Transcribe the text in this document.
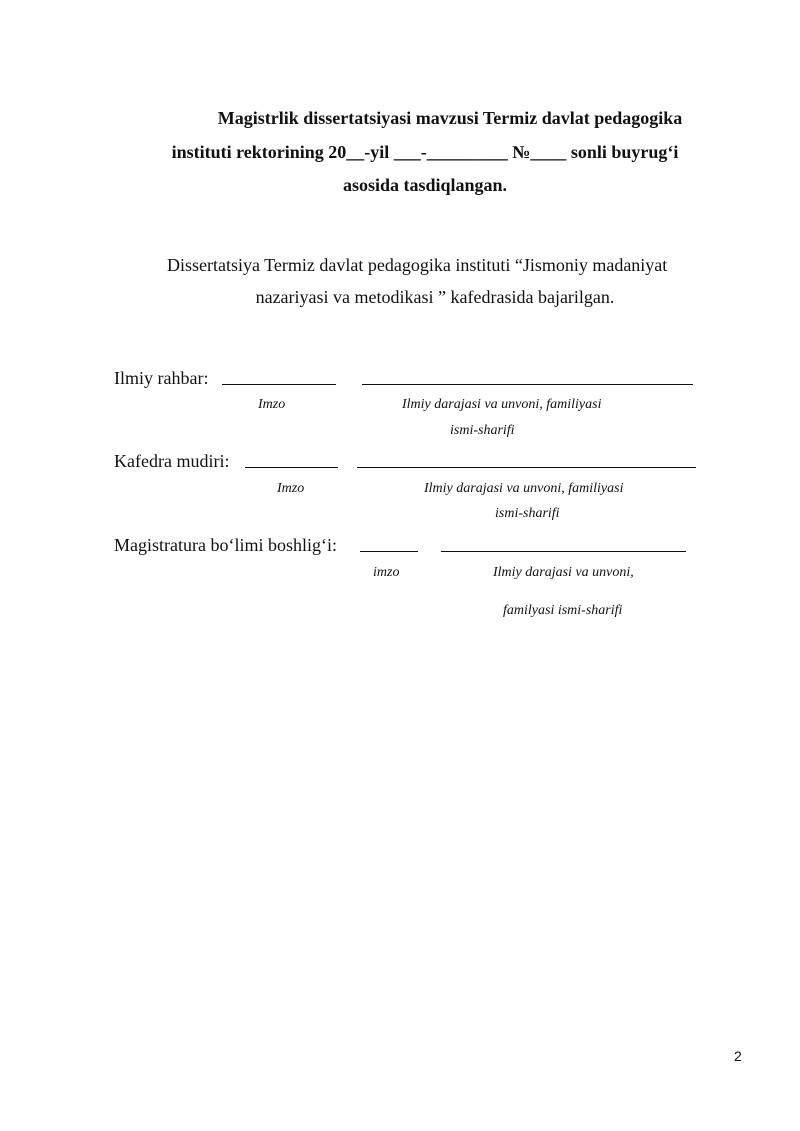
Magistrlik dissertatsiyasi mavzusi Termiz davlat pedagogika
instituti rektorining 20__-yil ___-_________ №____ sonli buyrug‘i
asosida tasdiqlangan.
Dissertatsiya Termiz davlat pedagogika instituti “Jismoniy madaniyat
nazariyasi va metodikasi ” kafedrasida bajarilgan.
Ilmiy rahbar:
Imzo	Ilmiy darajasi va unvoni, familiyasi
ismi-sharifi
Kafedra mudiri:
Imzo	Ilmiy darajasi va unvoni, familiyasi
ismi-sharifi
Magistratura bo‘limi boshlig‘i:
imzo	Ilmiy darajasi va unvoni,
familyasi ismi-sharifi
2
